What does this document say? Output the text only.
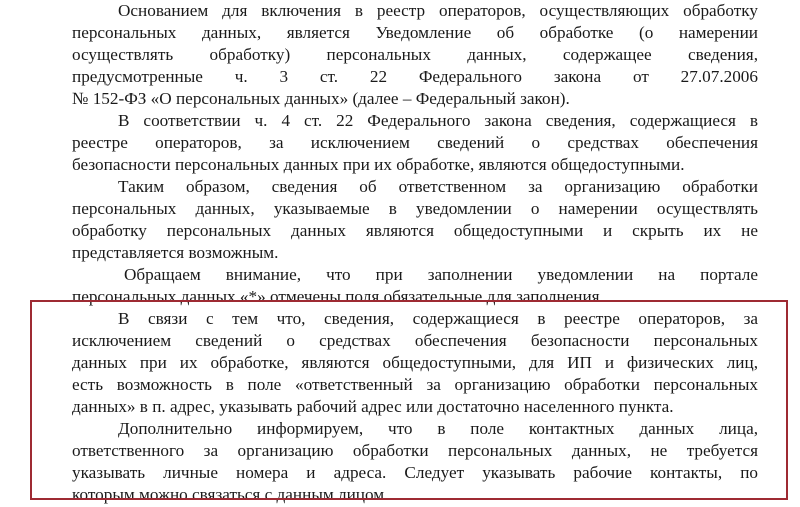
Основанием для включения в реестр операторов, осуществляющих обработку
персональных данных, является Уведомление об обработке (о намерении
осуществлять обработку) персональных данных, содержащее сведения,
предусмотренные ч. 3 ст. 22 Федерального закона от 27.07.2006
№ 152-ФЗ «О персональных данных» (далее – Федеральный закон).
В соответствии ч. 4 ст. 22 Федерального закона сведения, содержащиеся в
реестре операторов, за исключением сведений о средствах обеспечения
безопасности персональных данных при их обработке, являются общедоступными.
Таким образом, сведения об ответственном за организацию обработки
персональных данных, указываемые в уведомлении о намерении осуществлять
обработку персональных данных являются общедоступными и скрыть их не
представляется возможным.
Обращаем внимание, что при заполнении уведомлении на портале
персональных данных «*» отмечены поля обязательные для заполнения.
В связи с тем что, сведения, содержащиеся в реестре операторов, за
исключением сведений о средствах обеспечения безопасности персональных
данных при их обработке, являются общедоступными, для ИП и физических лиц,
есть возможность в поле «ответственный за организацию обработки персональных
данных» в п. адрес, указывать рабочий адрес или достаточно населенного пункта.
Дополнительно информируем, что в поле контактных данных лица,
ответственного за организацию обработки персональных данных, не требуется
указывать личные номера и адреса. Следует указывать рабочие контакты, по
которым можно связаться с данным лицом.
